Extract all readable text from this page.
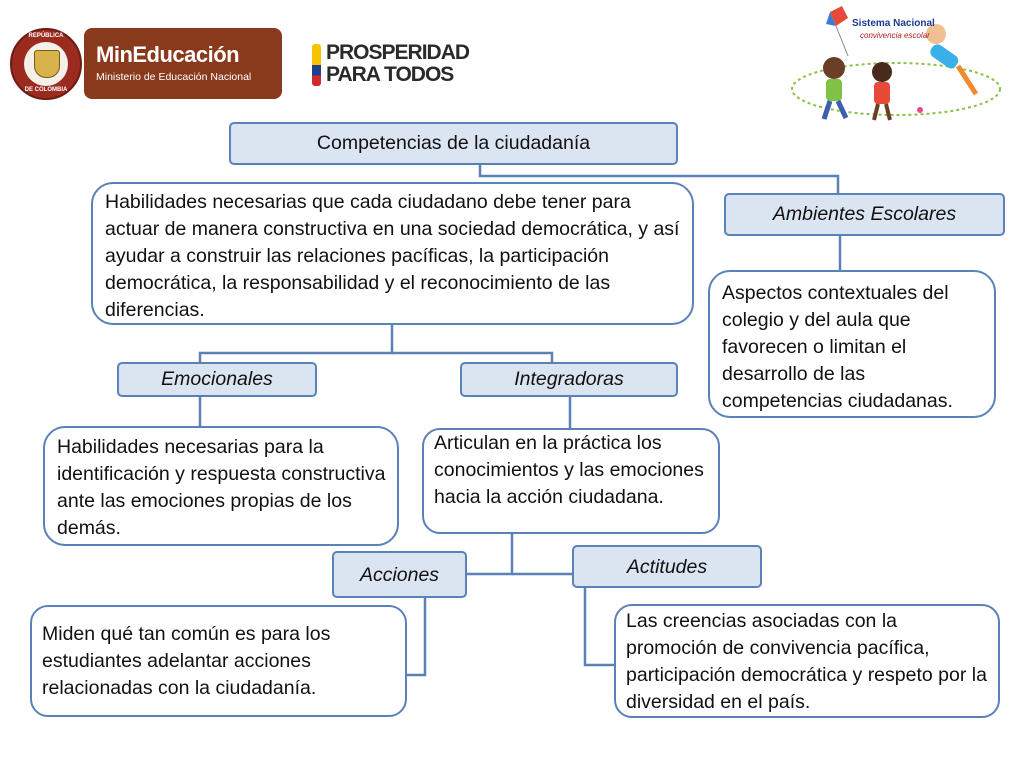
REPÚBLICA
DE COLOMBIA
MinEducación
Ministerio de Educación Nacional
PROSPERIDAD
PARA TODOS
Sistema Nacional
convivencia escolar
Competencias de la ciudadanía
Habilidades necesarias que cada ciudadano debe tener para actuar de manera constructiva en una sociedad democrática, y así ayudar a construir las relaciones pacíficas, la participación democrática, la responsabilidad y el reconocimiento de las diferencias.
Ambientes Escolares
Aspectos contextuales del colegio y del aula que favorecen o limitan el desarrollo de las competencias ciudadanas.
Emocionales
Habilidades necesarias para la identificación y respuesta constructiva ante las emociones propias de los demás.
Integradoras
Articulan en la práctica los conocimientos y las emociones hacia la acción ciudadana.
Acciones
Miden qué tan común es para los estudiantes adelantar acciones relacionadas con la ciudadanía.
Actitudes
Las creencias asociadas con la promoción de convivencia pacífica, participación democrática y respeto por la diversidad en el país.
